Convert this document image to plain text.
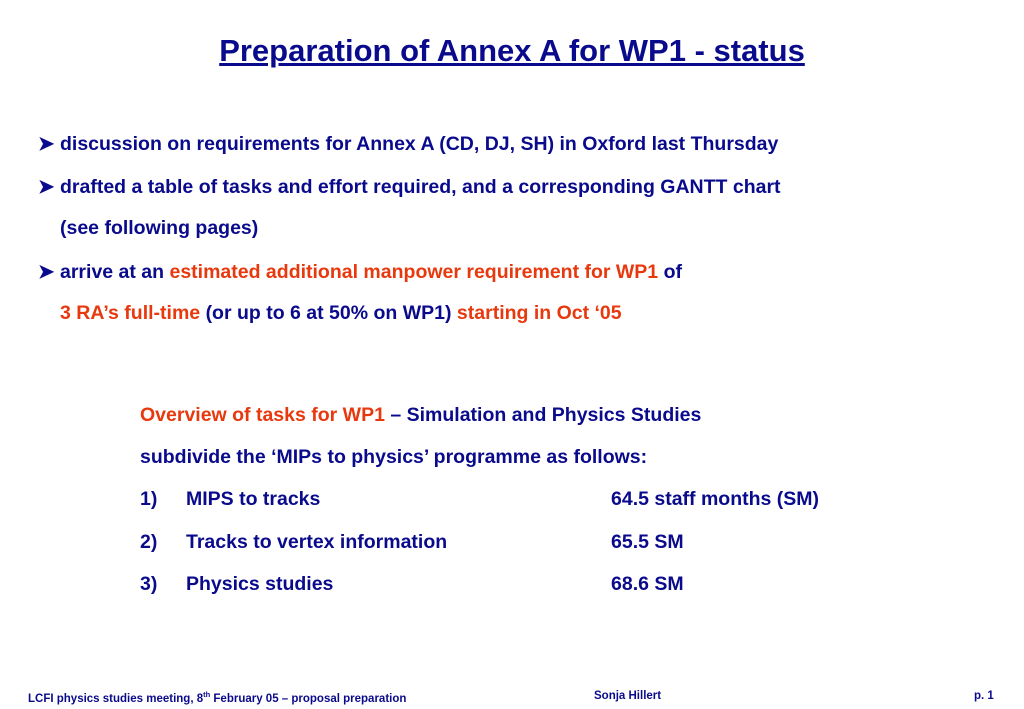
Preparation of Annex A for WP1 - status
➤ discussion on requirements for Annex A (CD, DJ, SH) in Oxford last Thursday
➤ drafted a table of tasks and effort required, and a corresponding GANTT chart
(see following pages)
➤ arrive at an estimated additional manpower requirement for WP1 of
3 RA’s full-time (or up to 6 at 50% on WP1) starting in Oct ‘05
Overview of tasks for WP1 – Simulation and Physics Studies
subdivide the ‘MIPs to physics’ programme as follows:
1) MIPS to tracks	64.5 staff months (SM)
2) Tracks to vertex information	65.5 SM
3) Physics studies	68.6 SM
LCFI physics studies meeting, 8th February 05 – proposal preparation	Sonja Hillert	p. 1
